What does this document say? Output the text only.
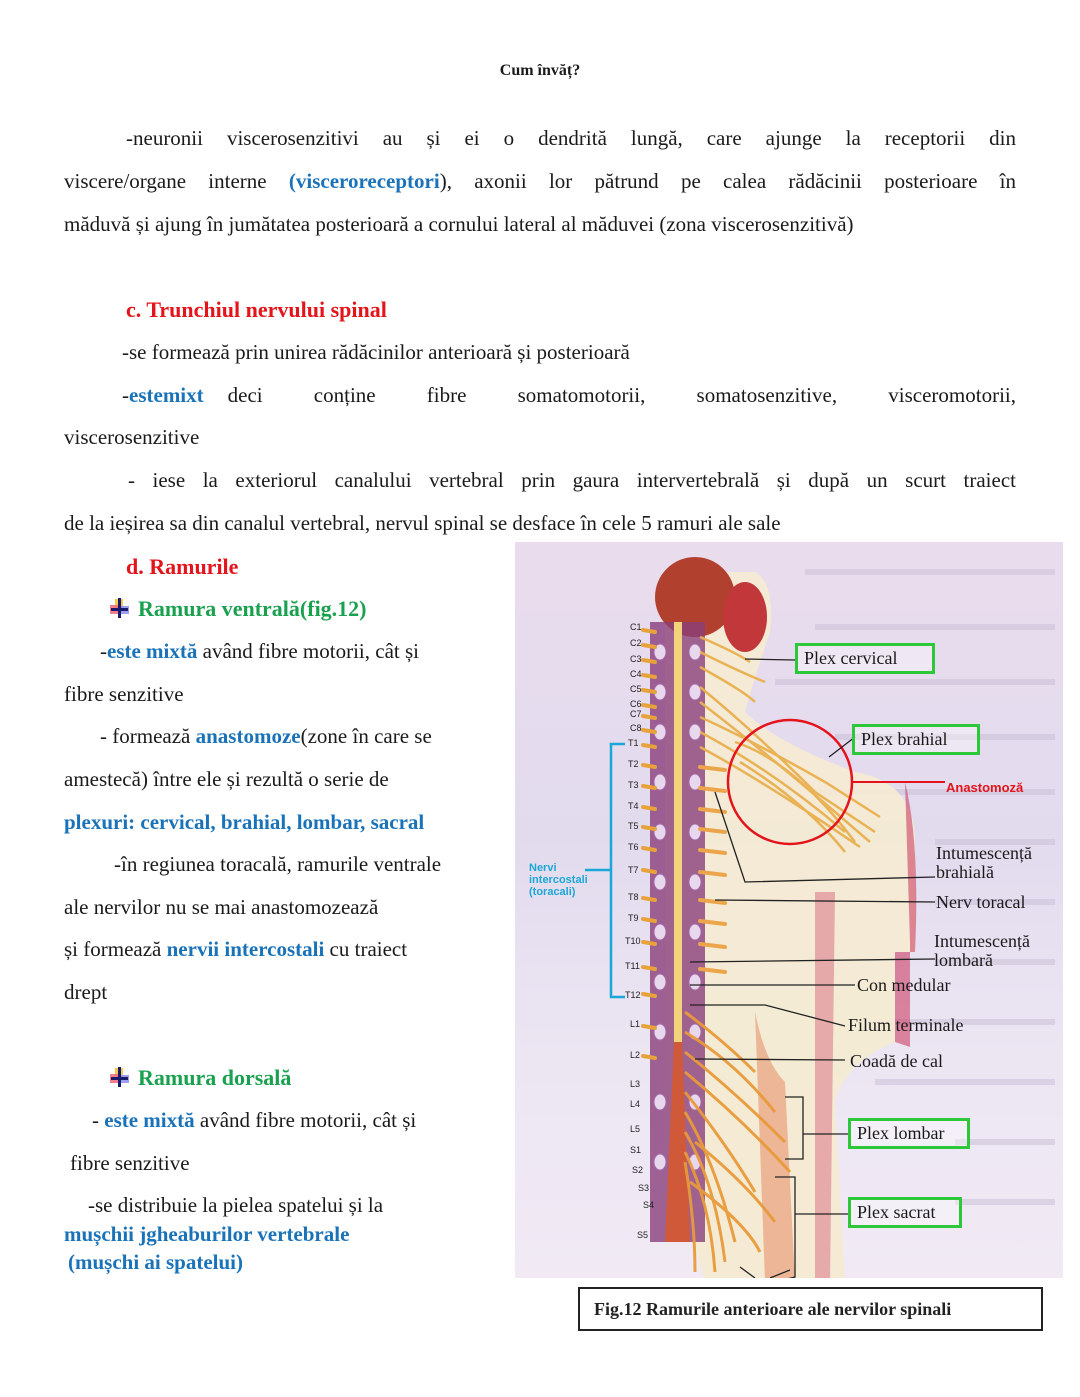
Cum învăț?
-neuronii viscerosenzitivi au și ei o dendrită lungă, care ajunge la receptorii din
viscere/organe interne (visceroreceptori), axonii lor pătrund pe calea rădăcinii posterioare în
măduvă și ajung în jumătatea posterioară a cornului lateral al măduvei (zona viscerosenzitivă)
c. Trunchiul nervului spinal
-se formează prin unirea rădăcinilor anterioară și posterioară
-este mixt deci conține fibre somatomotorii, somatosenzitive, visceromotorii,
viscerosenzitive
- iese la exteriorul canalului vertebral prin gaura intervertebrală și după un scurt traiect
de la ieșirea sa din canalul vertebral, nervul spinal se desface în cele 5 ramuri ale sale
d. Ramurile
Ramura ventrală(fig.12)
-este mixtă având fibre motorii, cât și
fibre senzitive
- formează anastomoze(zone în care se
amestecă) între ele și rezultă o serie de
plexuri: cervical, brahial, lombar, sacral
-în regiunea toracală, ramurile ventrale
ale nervilor nu se mai anastomozează
și formează nervii intercostali cu traiect
drept
Ramura dorsală
- este mixtă având fibre motorii, cât și
fibre senzitive
-se distribuie la pielea spatelui și la
mușchii jgheaburilor vertebrale
(mușchi ai spatelui)
C1
C2
C3
C4
C5
C6
C7
C8
T1
T2
T3
T4
T5
T6
T7
T8
T9
T10
T11
T12
L1
L2
L3
L4
L5
S1
S2
S3
S4
S5
Nervi
intercostali
(toracali)
Plex cervical
Plex brahial
Anastomoză
Intumescență
brahială
Nerv toracal
Intumescență
lombară
Con medular
Filum terminale
Coadă de cal
Plex lombar
Plex sacrat
Fig.12 Ramurile anterioare ale nervilor spinali
